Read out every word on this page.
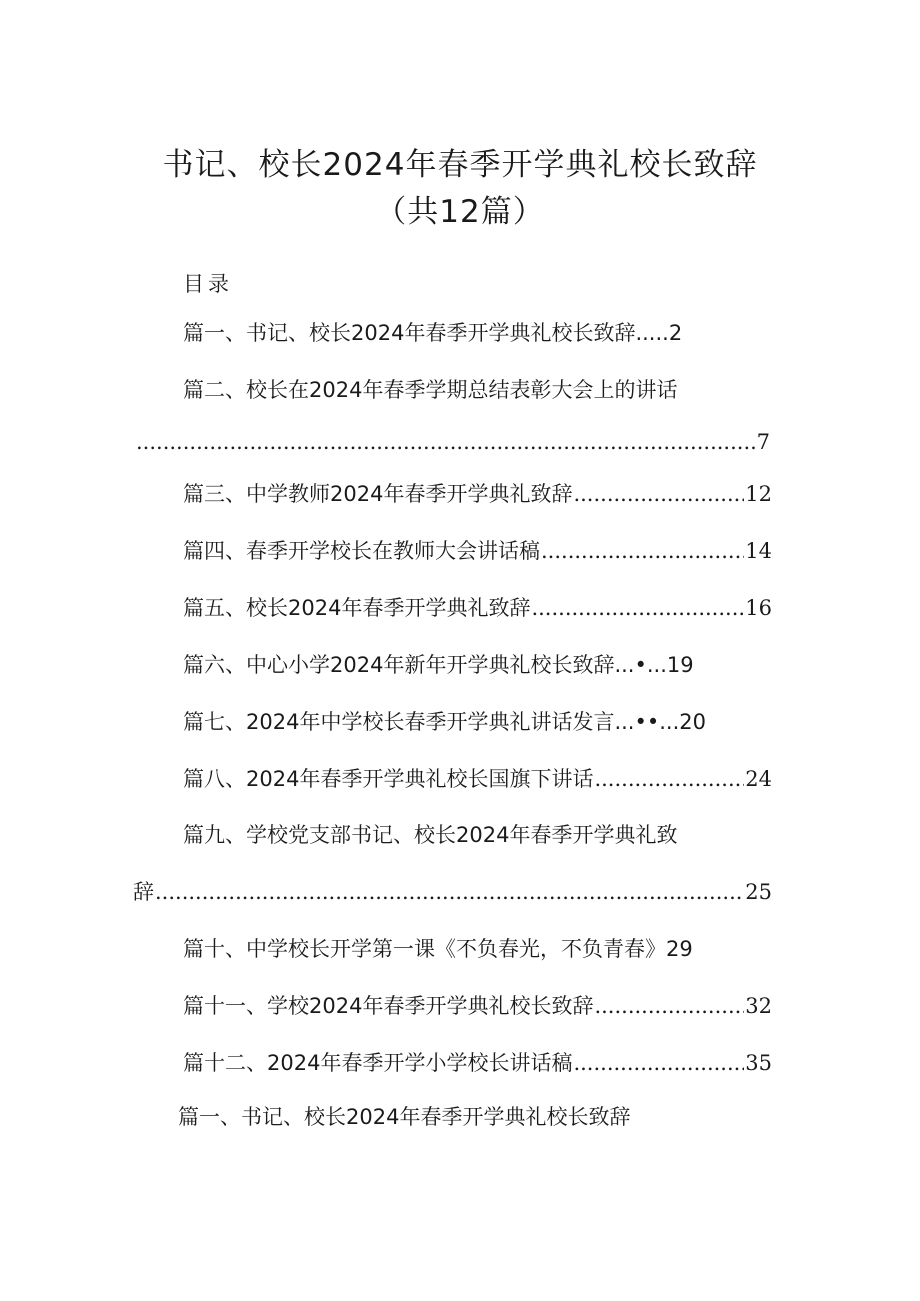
书记、校长2024年春季开学典礼校长致辞
（共12篇）
目录
篇一、书记、校长2024年春季开学典礼校长致辞.....2
篇二、校长在2024年春季学期总结表彰大会上的讲话
.....
7
篇三、中学教师2024年春季开学典礼致辞 .....	12
篇四、春季开学校长在教师大会讲话稿 .....	14
篇五、校长2024年春季开学典礼致辞 .....	16
篇六、中心小学2024年新年开学典礼校长致辞...•...19
篇七、2024年中学校长春季开学典礼讲话发言...••...20
篇八、2024年春季开学典礼校长国旗下讲话 .....	24
篇九、学校党支部书记、校长2024年春季开学典礼致
辞 .....	25
篇十、中学校长开学第一课《不负春光，不负青春》29
篇十一、学校2024年春季开学典礼校长致辞 .....	32
篇十二、2024年春季开学小学校长讲话稿 .....	35
篇一、书记、校长2024年春季开学典礼校长致辞
